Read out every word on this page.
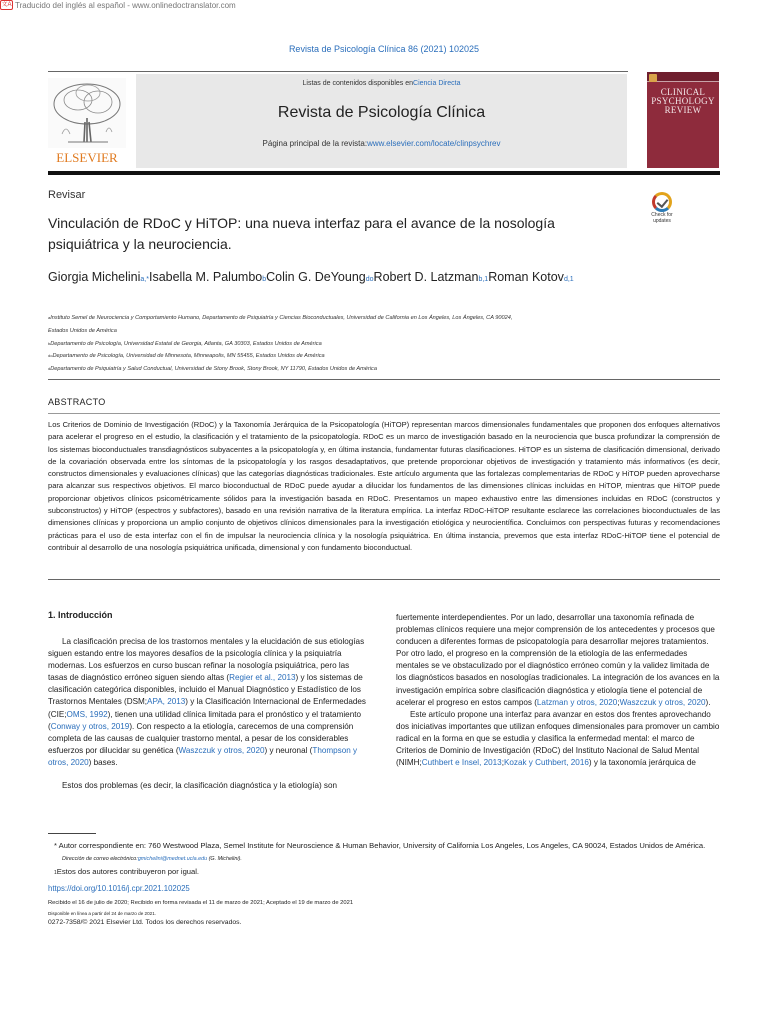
文A Traducido del inglés al español - www.onlinedoctranslator.com
Revista de Psicología Clínica 86 (2021) 102025
ELSEVIER
Listas de contenidos disponibles enCiencia Directa
Revista de Psicología Clínica
Página principal de la revista:www.elsevier.com/locate/clinpsychrev
CLINICAL
PSYCHOLOGY
REVIEW
Revisar
Vinculación de RDoC y HiTOP: una nueva interfaz para el avance de la nosología psiquiátrica y la neurociencia.
Check for
updates
Giorgia Michelinia,*Isabella M. PalumbobColin G. DeYoungdoRobert D. Latzmanb,1Roman Kotovd,1
aInstituto Semel de Neurociencia y Comportamiento Humano, Departamento de Psiquiatría y Ciencias Bioconductuales, Universidad de California en Los Ángeles, Los Ángeles, CA 90024,
Estados Unidos de América
bDepartamento de Psicología, Universidad Estatal de Georgia, Atlanta, GA 30303, Estados Unidos de América
doDepartamento de Psicología, Universidad de Minnesota, Minneapolis, MN 55455, Estados Unidos de América
dDepartamento de Psiquiatría y Salud Conductual, Universidad de Stony Brook, Stony Brook, NY 11790, Estados Unidos de América
ABSTRACTO
Los Criterios de Dominio de Investigación (RDoC) y la Taxonomía Jerárquica de la Psicopatología (HiTOP) representan marcos dimensionales fundamentales que proponen dos enfoques alternativos para acelerar el progreso en el estudio, la clasificación y el tratamiento de la psicopatología. RDoC es un marco de investigación basado en la neurociencia que busca profundizar la comprensión de los sistemas bioconductuales transdiagnósticos subyacentes a la psicopatología y, en última instancia, fundamentar futuras clasificaciones. HiTOP es un sistema de clasificación dimensional, derivado de la covariación observada entre los síntomas de la psicopatología y los rasgos desadaptativos, que pretende proporcionar objetivos de investigación y tratamiento más informativos (es decir, constructos dimensionales y evaluaciones clínicas) que las categorías diagnósticas tradicionales. Este artículo argumenta que las fortalezas complementarias de RDoC y HiTOP pueden aprovecharse para alcanzar sus respectivos objetivos. El marco bioconductual de RDoC puede ayudar a dilucidar los fundamentos de las dimensiones clínicas incluidas en HiTOP, mientras que HiTOP puede proporcionar objetivos clínicos psicométricamente sólidos para la investigación basada en RDoC. Presentamos un mapeo exhaustivo entre las dimensiones incluidas en RDoC (constructos y subconstructos) y HiTOP (espectros y subfactores), basado en una revisión narrativa de la literatura empírica. La interfaz RDoC-HiTOP resultante esclarece las correlaciones bioconductuales de las dimensiones clínicas y proporciona un amplio conjunto de objetivos clínicos dimensionales para la investigación etiológica y neurocientífica. Concluimos con perspectivas futuras y recomendaciones prácticas para el uso de esta interfaz con el fin de impulsar la neurociencia clínica y la nosología psiquiátrica. En última instancia, prevemos que esta interfaz RDoC-HiTOP tiene el potencial de contribuir al desarrollo de una nosología psiquiátrica unificada, dimensional y con fundamento bioconductual.
1. Introducción

La clasificación precisa de los trastornos mentales y la elucidación de sus etiologías siguen estando entre los mayores desafíos de la psicología clínica y la psiquiatría modernas. Los esfuerzos en curso buscan refinar la nosología psiquiátrica, pero las tasas de diagnóstico erróneo siguen siendo altas (Regier et al., 2013) y los sistemas de clasificación categórica disponibles, incluido el Manual Diagnóstico y Estadístico de los Trastornos Mentales (DSM;APA, 2013) y la Clasificación Internacional de Enfermedades (CIE;OMS, 1992), tienen una utilidad clínica limitada para el pronóstico y el tratamiento (Conway y otros, 2019). Con respecto a la etiología, carecemos de una comprensión completa de las causas de cualquier trastorno mental, a pesar de los considerables esfuerzos por dilucidar su genética (Waszczuk y otros, 2020) y neuronal (Thompson y otros, 2020) bases.

Estos dos problemas (es decir, la clasificación diagnóstica y la etiología) son

fuertemente interdependientes. Por un lado, desarrollar una taxonomía refinada de problemas clínicos requiere una mejor comprensión de los antecedentes y procesos que conducen a diferentes formas de psicopatología para desarrollar mejores tratamientos. Por otro lado, el progreso en la comprensión de la etiología de las enfermedades mentales se ve obstaculizado por el diagnóstico erróneo común y la validez limitada de los diagnósticos basados en nosologías tradicionales. La integración de los avances en la investigación empírica sobre clasificación diagnóstica y etiología tiene el potencial de acelerar el progreso en estos campos (Latzman y otros, 2020;Waszczuk y otros, 2020).

Este artículo propone una interfaz para avanzar en estos dos frentes aprovechando dos iniciativas importantes que utilizan enfoques dimensionales para promover un cambio radical en la forma en que se estudia y clasifica la enfermedad mental: el marco de Criterios de Dominio de Investigación (RDoC) del Instituto Nacional de Salud Mental (NIMH;Cuthbert e Insel, 2013;Kozak y Cuthbert, 2016) y la taxonomía jerárquica de

* Autor correspondiente en: 760 Westwood Plaza, Semel Institute for Neuroscience & Human Behavior, University of California Los Angeles, Los Angeles, CA 90024, Estados Unidos de América.
Dirección de correo electrónico:gmichelini@mednet.ucla.edu (G. Michelini).
1Estos dos autores contribuyeron por igual.
https://doi.org/10.1016/j.cpr.2021.102025
Recibido el 16 de julio de 2020; Recibido en forma revisada el 11 de marzo de 2021; Aceptado el 19 de marzo de 2021
Disponible en línea a partir del 24 de marzo de 2021.
0272-7358/© 2021 Elsevier Ltd. Todos los derechos reservados.
